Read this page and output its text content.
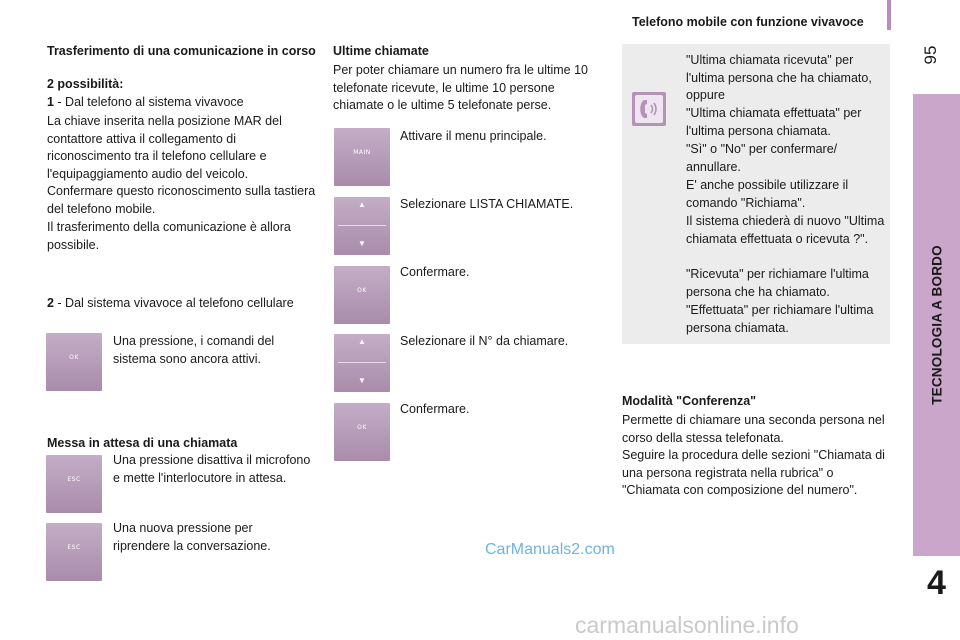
Telefono mobile con funzione vivavoce
95
TECNOLOGIA A BORDO
4
Trasferimento di una comunicazione in corso

2 possibilità:

1 - Dal telefono al sistema vivavoce

La chiave inserita nella posizione MAR del contattore attiva il collegamento di riconoscimento tra il telefono cellulare e l'equipaggiamento audio del veicolo.

Confermare questo riconoscimento sulla tastiera del telefono mobile.

Il trasferimento della comunicazione è allora possibile.

2 - Dal sistema vivavoce al telefono cellulare

OK

Una pressione, i comandi del sistema sono ancora attivi.

Messa in attesa di una chiamata

ESC

Una pressione disattiva il microfono e mette l'interlocutore in attesa.

ESC

Una nuova pressione per riprendere la conversazione.

Ultime chiamate

Per poter chiamare un numero fra le ultime 10 telefonate ricevute, le ultime 10 persone chiamate o le ultime 5 telefonate perse.

MAIN

Attivare il menu principale.

▲
▼

Selezionare LISTA CHIAMATE.

OK

Confermare.

▲
▼

Selezionare il N° da chiamare.

OK

Confermare.

"Ultima chiamata ricevuta" per l'ultima persona che ha chiamato, oppure

"Ultima chiamata effettuata" per l'ultima persona chiamata.

"Sì" o "No" per confermare/ annullare.

E' anche possibile utilizzare il comando "Richiama".

Il sistema chiederà di nuovo "Ultima chiamata effettuata o ricevuta ?".

"Ricevuta" per richiamare l'ultima persona che ha chiamato.

"Effettuata" per richiamare l'ultima persona chiamata.

Modalità "Conferenza"

Permette di chiamare una seconda persona nel corso della stessa telefonata.

Seguire la procedura delle sezioni "Chiamata di una persona registrata nella rubrica" o "Chiamata con composizione del numero".

CarManuals2.com
carmanualsonline.info
